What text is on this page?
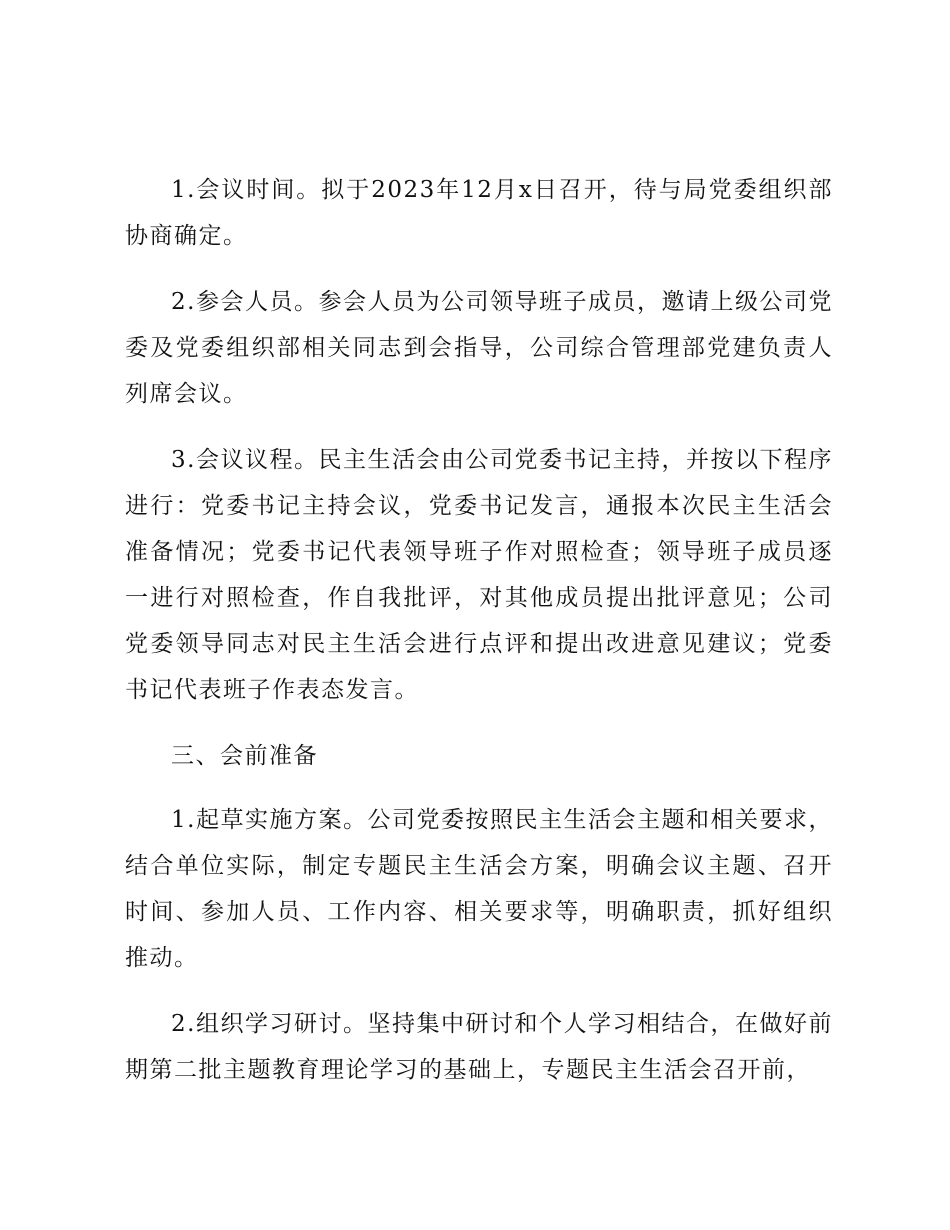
1.会议时间。拟于2023年12月x日召开，待与局党委组织部协商确定。

2.参会人员。参会人员为公司领导班子成员，邀请上级公司党委及党委组织部相关同志到会指导，公司综合管理部党建负责人列席会议。

3.会议议程。民主生活会由公司党委书记主持，并按以下程序进行：党委书记主持会议，党委书记发言，通报本次民主生活会准备情况；党委书记代表领导班子作对照检查；领导班子成员逐一进行对照检查，作自我批评，对其他成员提出批评意见；公司党委领导同志对民主生活会进行点评和提出改进意见建议；党委书记代表班子作表态发言。

三、会前准备

1.起草实施方案。公司党委按照民主生活会主题和相关要求，结合单位实际，制定专题民主生活会方案，明确会议主题、召开时间、参加人员、工作内容、相关要求等，明确职责，抓好组织推动。

2.组织学习研讨。坚持集中研讨和个人学习相结合，在做好前期第二批主题教育理论学习的基础上，专题民主生活会召开前，
